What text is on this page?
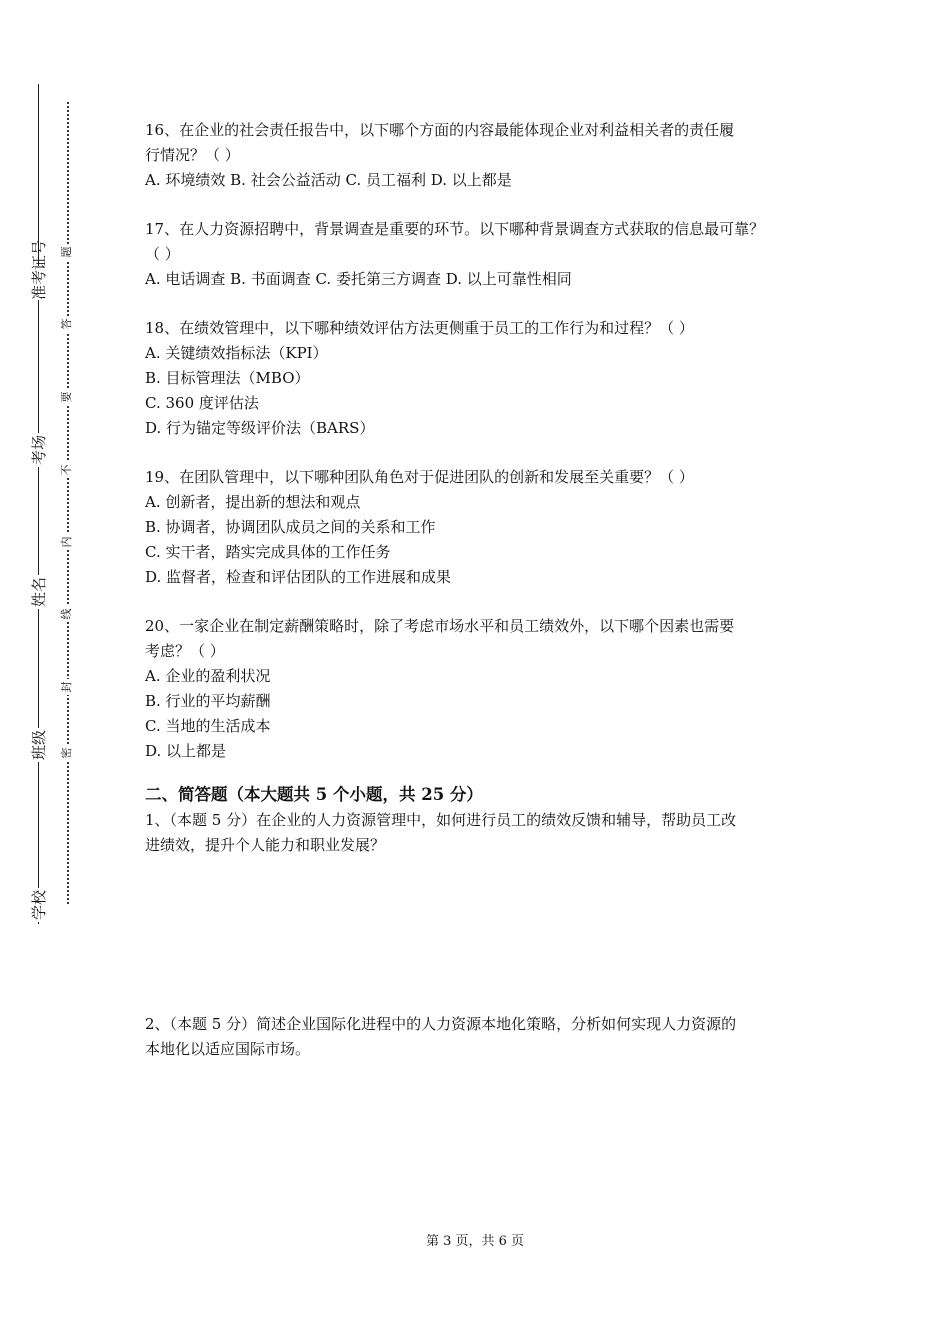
准考证号
考场
姓名
班级
学校
题
答
要
不
内
线
封
密

16、在企业的社会责任报告中，以下哪个方面的内容最能体现企业对利益相关者的责任履

行情况？（ ）

A. 环境绩效 B. 社会公益活动 C. 员工福利 D. 以上都是

17、在人力资源招聘中，背景调查是重要的环节。以下哪种背景调查方式获取的信息最可靠？

（ ）

A. 电话调查 B. 书面调查 C. 委托第三方调查 D. 以上可靠性相同

18、在绩效管理中，以下哪种绩效评估方法更侧重于员工的工作行为和过程？（ ）

A. 关键绩效指标法（KPI）

B. 目标管理法（MBO）

C. 360 度评估法

D. 行为锚定等级评价法（BARS）

19、在团队管理中，以下哪种团队角色对于促进团队的创新和发展至关重要？（ ）

A. 创新者，提出新的想法和观点

B. 协调者，协调团队成员之间的关系和工作

C. 实干者，踏实完成具体的工作任务

D. 监督者，检查和评估团队的工作进展和成果

20、一家企业在制定薪酬策略时，除了考虑市场水平和员工绩效外，以下哪个因素也需要

考虑？（ ）

A. 企业的盈利状况

B. 行业的平均薪酬

C. 当地的生活成本

D. 以上都是

二、简答题（本大题共 5 个小题，共 25 分）

1、（本题 5 分）在企业的人力资源管理中，如何进行员工的绩效反馈和辅导，帮助员工改

进绩效，提升个人能力和职业发展？

2、（本题 5 分）简述企业国际化进程中的人力资源本地化策略，分析如何实现人力资源的

本地化以适应国际市场。

第 3 页，共 6 页
